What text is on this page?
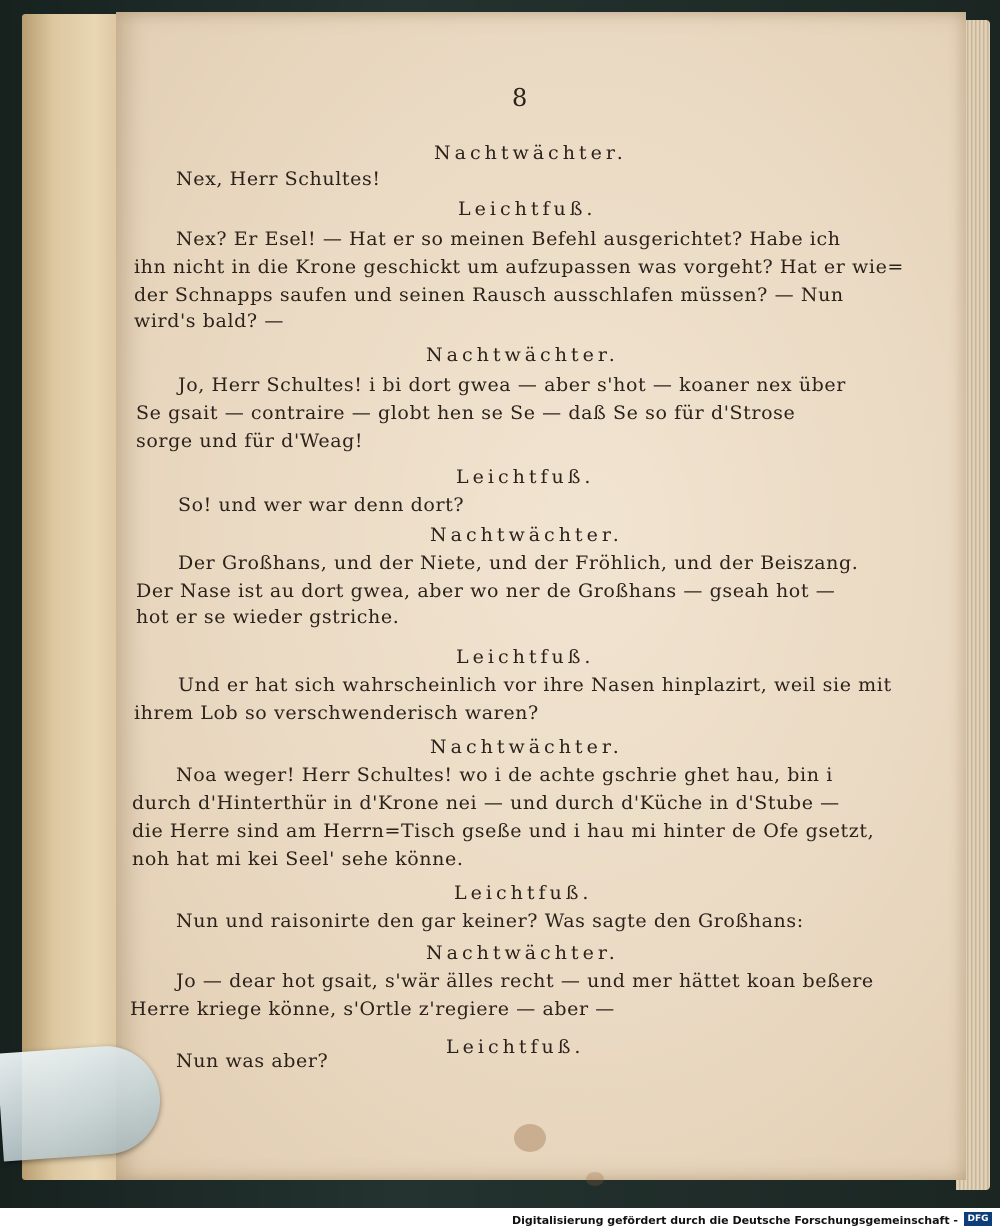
8
Nachtwächter.
Nex, Herr Schultes!
Leichtfuß.
Nex? Er Esel! — Hat er so meinen Befehl ausgerichtet? Habe ich
ihn nicht in die Krone geschickt um aufzupassen was vorgeht? Hat er wie=
der Schnapps saufen und seinen Rausch ausschlafen müssen? — Nun
wird's bald? —
Nachtwächter.
Jo, Herr Schultes! i bi dort gwea — aber s'hot — koaner nex über
Se gsait — contraire — globt hen se Se — daß Se so für d'Strose
sorge und für d'Weag!
Leichtfuß.
So! und wer war denn dort?
Nachtwächter.
Der Großhans, und der Niete, und der Fröhlich, und der Beiszang.
Der Nase ist au dort gwea, aber wo ner de Großhans — gseah hot —
hot er se wieder gstriche.
Leichtfuß.
Und er hat sich wahrscheinlich vor ihre Nasen hinplazirt, weil sie mit
ihrem Lob so verschwenderisch waren?
Nachtwächter.
Noa weger! Herr Schultes! wo i de achte gschrie ghet hau, bin i
durch d'Hinterthür in d'Krone nei — und durch d'Küche in d'Stube —
die Herre sind am Herrn=Tisch gseße und i hau mi hinter de Ofe gsetzt,
noh hat mi kei Seel' sehe könne.
Leichtfuß.
Nun und raisonirte den gar keiner? Was sagte den Großhans:
Nachtwächter.
Jo — dear hot gsait, s'wär älles recht — und mer hättet koan beßere
Herre kriege könne, s'Ortle z'regiere — aber —
Leichtfuß.
Nun was aber?
Digitalisierung gefördert durch die Deutsche Forschungsgemeinschaft -	DFG
